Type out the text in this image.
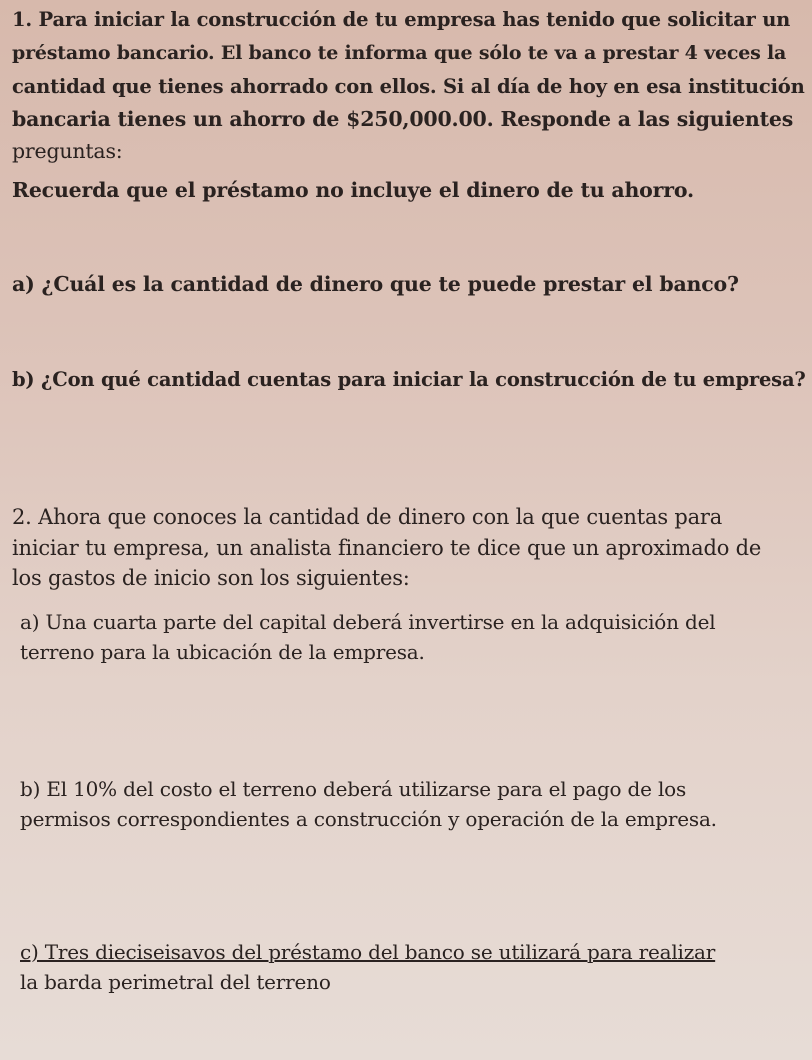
1. Para iniciar la construcción de tu empresa has tenido que solicitar un
préstamo bancario. El banco te informa que sólo te va a prestar 4 veces la
cantidad que tienes ahorrado con ellos. Si al día de hoy en esa institución
bancaria tienes un ahorro de $250,000.00. Responde a las siguientes
preguntas:
Recuerda que el préstamo no incluye el dinero de tu ahorro.
a) ¿Cuál es la cantidad de dinero que te puede prestar el banco?
b) ¿Con qué cantidad cuentas para iniciar la construcción de tu empresa?
2. Ahora que conoces la cantidad de dinero con la que cuentas para
iniciar tu empresa, un analista financiero te dice que un aproximado de
los gastos de inicio son los siguientes:
a) Una cuarta parte del capital deberá invertirse en la adquisición del
terreno para la ubicación de la empresa.
b) El 10% del costo el terreno deberá utilizarse para el pago de los
permisos correspondientes a construcción y operación de la empresa.
c) Tres dieciseisavos del préstamo del banco se utilizará para realizar
la barda perimetral del terreno
